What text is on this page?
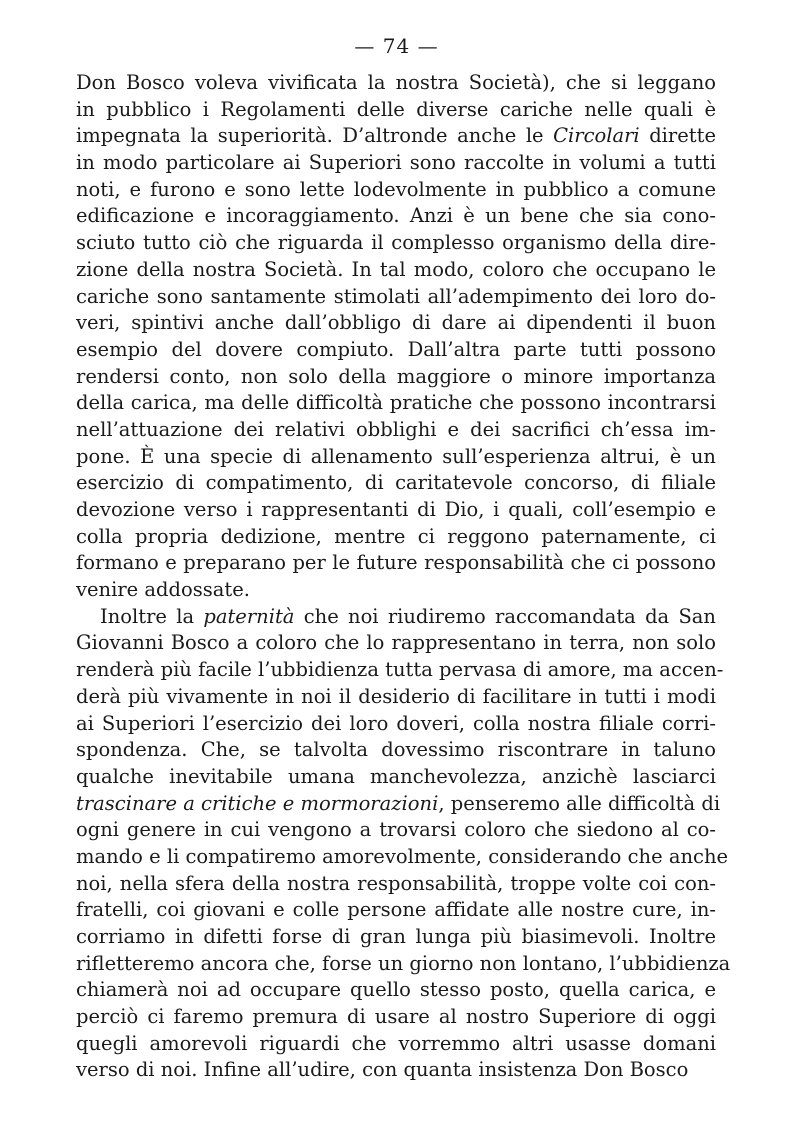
— 74 —
Don Bosco voleva vivificata la nostra Società), che si leggano
in pubblico i Regolamenti delle diverse cariche nelle quali è
impegnata la superiorità. D’altronde anche le Circolari dirette
in modo particolare ai Superiori sono raccolte in volumi a tutti
noti, e furono e sono lette lodevolmente in pubblico a comune
edificazione e incoraggiamento. Anzi è un bene che sia cono-
sciuto tutto ciò che riguarda il complesso organismo della dire-
zione della nostra Società. In tal modo, coloro che occupano le
cariche sono santamente stimolati all’adempimento dei loro do-
veri, spintivi anche dall’obbligo di dare ai dipendenti il buon
esempio del dovere compiuto. Dall’altra parte tutti possono
rendersi conto, non solo della maggiore o minore importanza
della carica, ma delle difficoltà pratiche che possono incontrarsi
nell’attuazione dei relativi obblighi e dei sacrifici ch’essa im-
pone. È una specie di allenamento sull’esperienza altrui, è un
esercizio di compatimento, di caritatevole concorso, di filiale
devozione verso i rappresentanti di Dio, i quali, coll’esempio e
colla propria dedizione, mentre ci reggono paternamente, ci
formano e preparano per le future responsabilità che ci possono
venire addossate.
Inoltre la paternità che noi riudiremo raccomandata da San
Giovanni Bosco a coloro che lo rappresentano in terra, non solo
renderà più facile l’ubbidienza tutta pervasa di amore, ma accen-
derà più vivamente in noi il desiderio di facilitare in tutti i modi
ai Superiori l’esercizio dei loro doveri, colla nostra filiale corri-
spondenza. Che, se talvolta dovessimo riscontrare in taluno
qualche inevitabile umana manchevolezza, anzichè lasciarci
trascinare a critiche e mormorazioni, penseremo alle difficoltà di
ogni genere in cui vengono a trovarsi coloro che siedono al co-
mando e li compatiremo amorevolmente, considerando che anche
noi, nella sfera della nostra responsabilità, troppe volte coi con-
fratelli, coi giovani e colle persone affidate alle nostre cure, in-
corriamo in difetti forse di gran lunga più biasimevoli. Inoltre
rifletteremo ancora che, forse un giorno non lontano, l’ubbidienza
chiamerà noi ad occupare quello stesso posto, quella carica, e
perciò ci faremo premura di usare al nostro Superiore di oggi
quegli amorevoli riguardi che vorremmo altri usasse domani
verso di noi. Infine all’udire, con quanta insistenza Don Bosco
